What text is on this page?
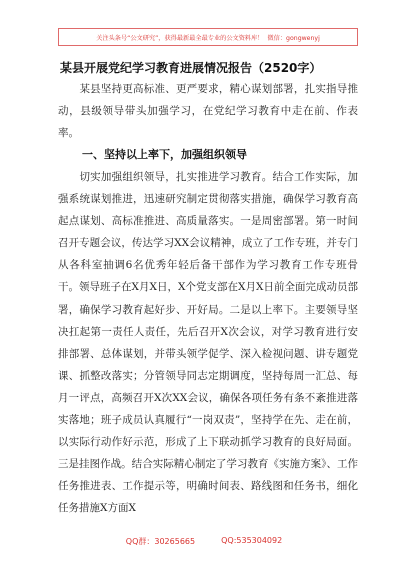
关注头条号“公文研究”，获得最新最全最专业的公文资料库！ 微信：gongwenyj
某县开展党纪学习教育进展情况报告（2520字）
　　某县坚持更高标准、更严要求，精心谋划部署，扎实指导推动，县级领导带头加强学习，在党纪学习教育中走在前、作表率。
一、坚持以上率下，加强组织领导
　　切实加强组织领导，扎实推进学习教育。结合工作实际，加强系统谋划推进，迅速研究制定贯彻落实措施，确保学习教育高起点谋划、高标准推进、高质量落实。一是周密部署。第一时间召开专题会议，传达学习XX会议精神，成立了工作专班，并专门从各科室抽调6名优秀年轻后备干部作为学习教育工作专班骨干。领导班子在X月X日，X个党支部在X月X日前全面完成动员部署，确保学习教育起好步、开好局。二是以上率下。主要领导坚决扛起第一责任人责任，先后召开X次会议，对学习教育进行安排部署、总体谋划，并带头领学促学、深入检视问题、讲专题党课、抓整改落实；分管领导同志定期调度，坚持每周一汇总、每月一评点，高频召开X次XX会议，确保各项任务有条不紊推进落实落地；班子成员认真履行“一岗双责”，坚持学在先、走在前，以实际行动作好示范，形成了上下联动抓学习教育的良好局面。三是挂图作战。结合实际精心制定了学习教育《实施方案》、工作任务推进表、工作提示等，明确时间表、路线图和任务书，细化任务措施X方面X
QQ群：30265665	QQ:535304092
